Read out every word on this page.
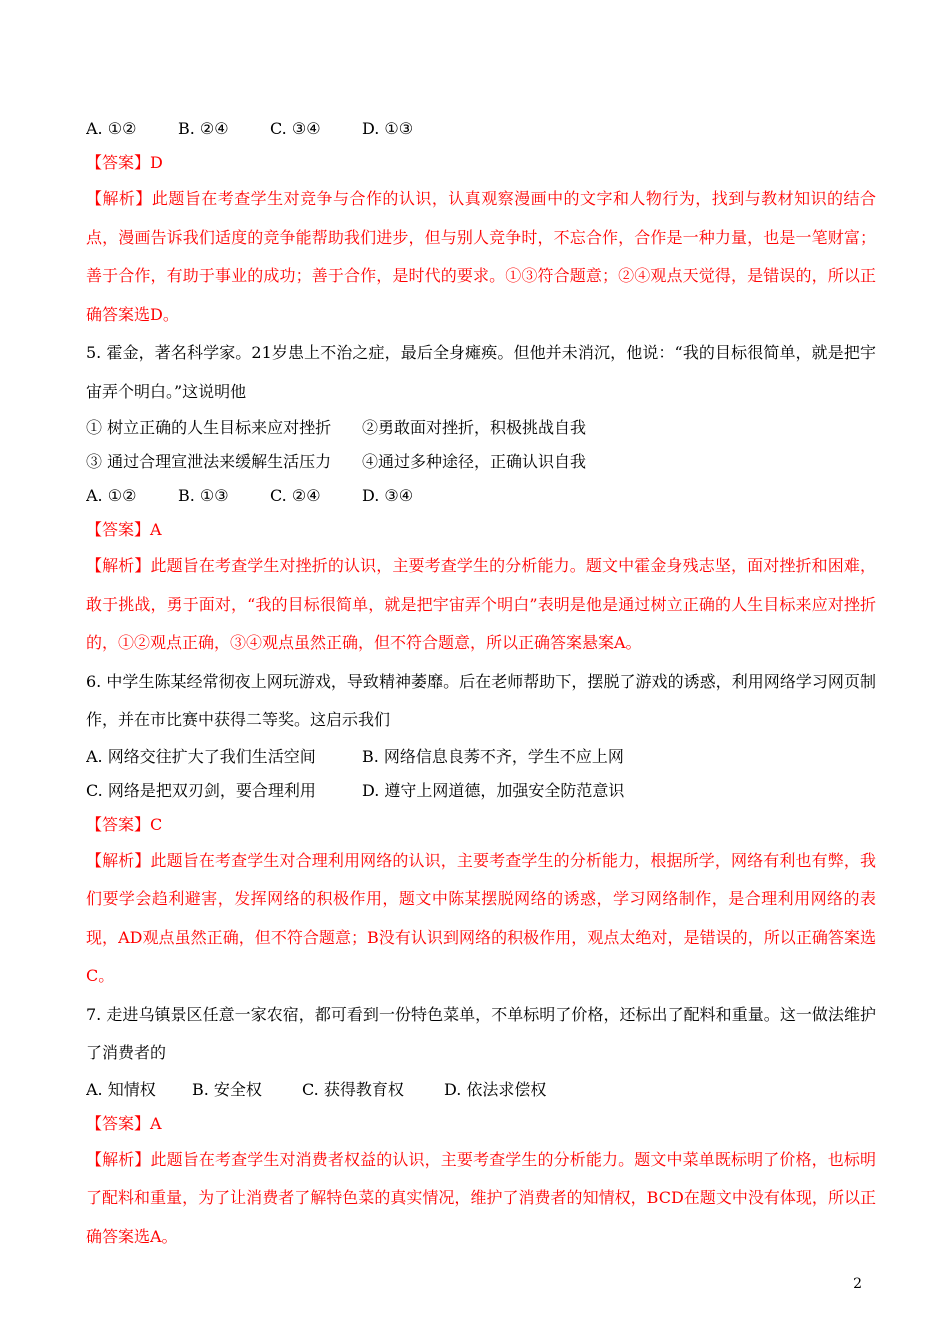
A. ①②	B. ②④	C. ③④	D. ①③
【答案】D
【解析】此题旨在考查学生对竞争与合作的认识，认真观察漫画中的文字和人物行为，找到与教材知识的结合点，漫画告诉我们适度的竞争能帮助我们进步，但与别人竞争时，不忘合作，合作是一种力量，也是一笔财富；善于合作，有助于事业的成功；善于合作，是时代的要求。①③符合题意；②④观点天觉得，是错误的，所以正确答案选D。
5. 霍金，著名科学家。21岁患上不治之症，最后全身瘫痪。但他并未消沉，他说：“我的目标很简单，就是把宇宙弄个明白。”这说明他
① 树立正确的人生目标来应对挫折 ②勇敢面对挫折，积极挑战自我
③ 通过合理宣泄法来缓解生活压力 ④通过多种途径，正确认识自我
A. ①②	B. ①③	C. ②④	D. ③④
【答案】A
【解析】此题旨在考查学生对挫折的认识，主要考查学生的分析能力。题文中霍金身残志坚，面对挫折和困难，敢于挑战，勇于面对，“我的目标很简单，就是把宇宙弄个明白”表明是他是通过树立正确的人生目标来应对挫折的，①②观点正确，③④观点虽然正确，但不符合题意，所以正确答案悬案A。
6. 中学生陈某经常彻夜上网玩游戏，导致精神萎靡。后在老师帮助下，摆脱了游戏的诱惑，利用网络学习网页制作，并在市比赛中获得二等奖。这启示我们
A. 网络交往扩大了我们生活空间	B. 网络信息良莠不齐，学生不应上网
C. 网络是把双刃剑，要合理利用	D. 遵守上网道德，加强安全防范意识
【答案】C
【解析】此题旨在考查学生对合理利用网络的认识，主要考查学生的分析能力，根据所学，网络有利也有弊，我们要学会趋利避害，发挥网络的积极作用，题文中陈某摆脱网络的诱惑，学习网络制作，是合理利用网络的表现，AD观点虽然正确，但不符合题意；B没有认识到网络的积极作用，观点太绝对，是错误的，所以正确答案选C。
7. 走进乌镇景区任意一家农宿，都可看到一份特色菜单，不单标明了价格，还标出了配料和重量。这一做法维护了消费者的
A. 知情权 B. 安全权	C. 获得教育权	D. 依法求偿权
【答案】A
【解析】此题旨在考查学生对消费者权益的认识，主要考查学生的分析能力。题文中菜单既标明了价格，也标明了配料和重量，为了让消费者了解特色菜的真实情况，维护了消费者的知情权，BCD在题文中没有体现，所以正确答案选A。
2
